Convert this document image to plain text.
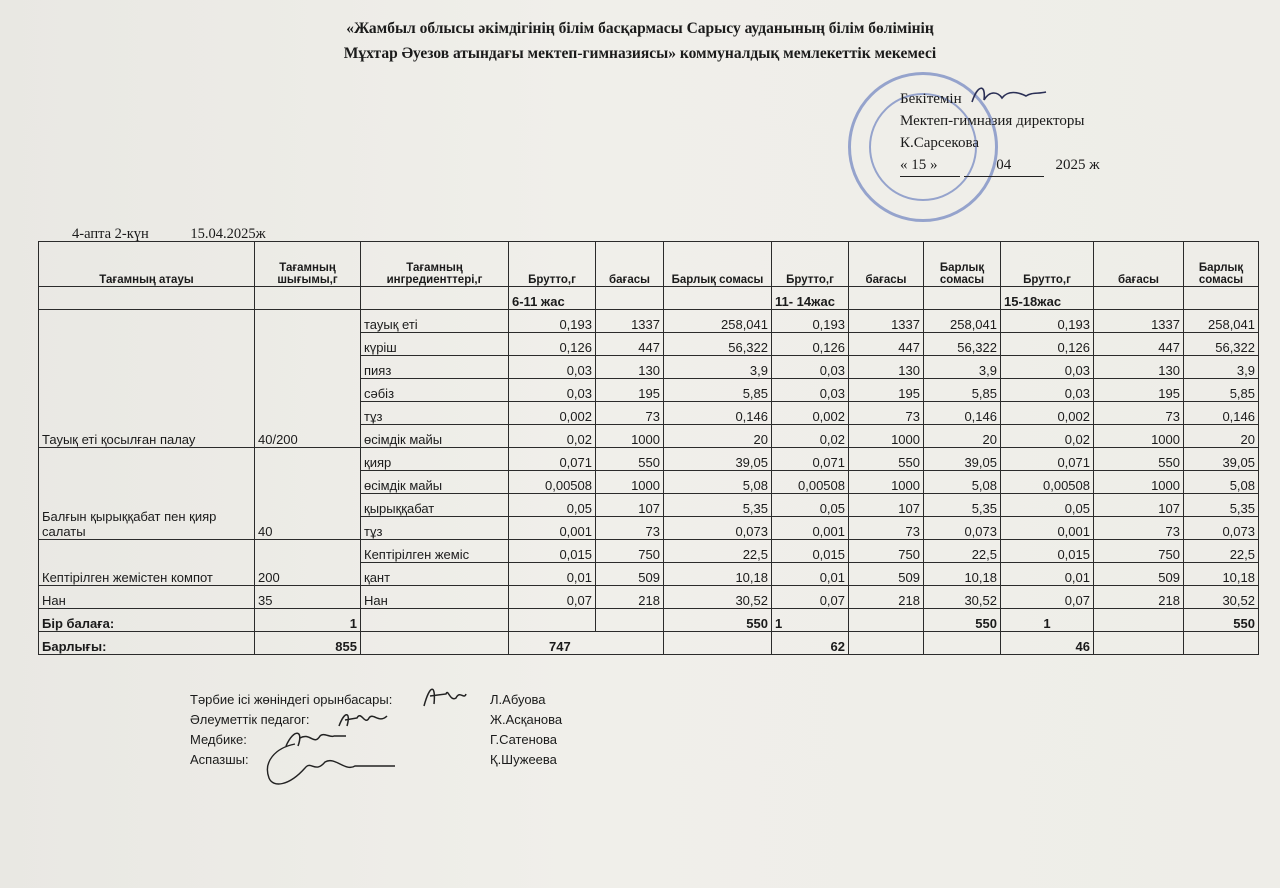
«Жамбыл облысы әкімдігінің білім басқармасы Сарысу ауданының білім бөлімінің
Мұхтар Әуезов атындағы мектеп-гимназиясы» коммуналдық мемлекеттік мекемесі
Бекітемін
Мектеп-гимназия директоры
К.Сарсекова
« 15 »	04	2025 ж
4-апта 2-күн	15.04.2025ж
Тағамның атауы	Тағамның шығымы,г	Тағамның ингредиенттері,г	Брутто,г	бағасы	Барлық сомасы	Брутто,г	бағасы	Барлық сомасы	Брутто,г	бағасы	Барлық сомасы
			6-11 жас			11- 14жас			15-18жас		
Тауық еті қосылған палау	40/200	тауық еті	0,193	1337	258,041	0,193	1337	258,041	0,193	1337	258,041
		күріш	0,126	447	56,322	0,126	447	56,322	0,126	447	56,322
		пияз	0,03	130	3,9	0,03	130	3,9	0,03	130	3,9
		сәбіз	0,03	195	5,85	0,03	195	5,85	0,03	195	5,85
		тұз	0,002	73	0,146	0,002	73	0,146	0,002	73	0,146
		өсімдік майы	0,02	1000	20	0,02	1000	20	0,02	1000	20
Балғын қырыққабат пен қияр салаты	40	қияр	0,071	550	39,05	0,071	550	39,05	0,071	550	39,05
		өсімдік майы	0,00508	1000	5,08	0,00508	1000	5,08	0,00508	1000	5,08
		қырыққабат	0,05	107	5,35	0,05	107	5,35	0,05	107	5,35
		тұз	0,001	73	0,073	0,001	73	0,073	0,001	73	0,073
Кептірілген жемістен компот	200	Кептірілген жеміс	0,015	750	22,5	0,015	750	22,5	0,015	750	22,5
		қант	0,01	509	10,18	0,01	509	10,18	0,01	509	10,18
Нан	35	Нан	0,07	218	30,52	0,07	218	30,52	0,07	218	30,52
Бір балаға:	1				550	1		550	1		550
Барлығы:	855		747			62			46		
Тәрбие ісі жөніндегі орынбасары:	Л.Абуова
Әлеуметтік педагог:	Ж.Асқанова
Медбике:	Г.Сатенова
Аспазшы:	Қ.Шужеева
